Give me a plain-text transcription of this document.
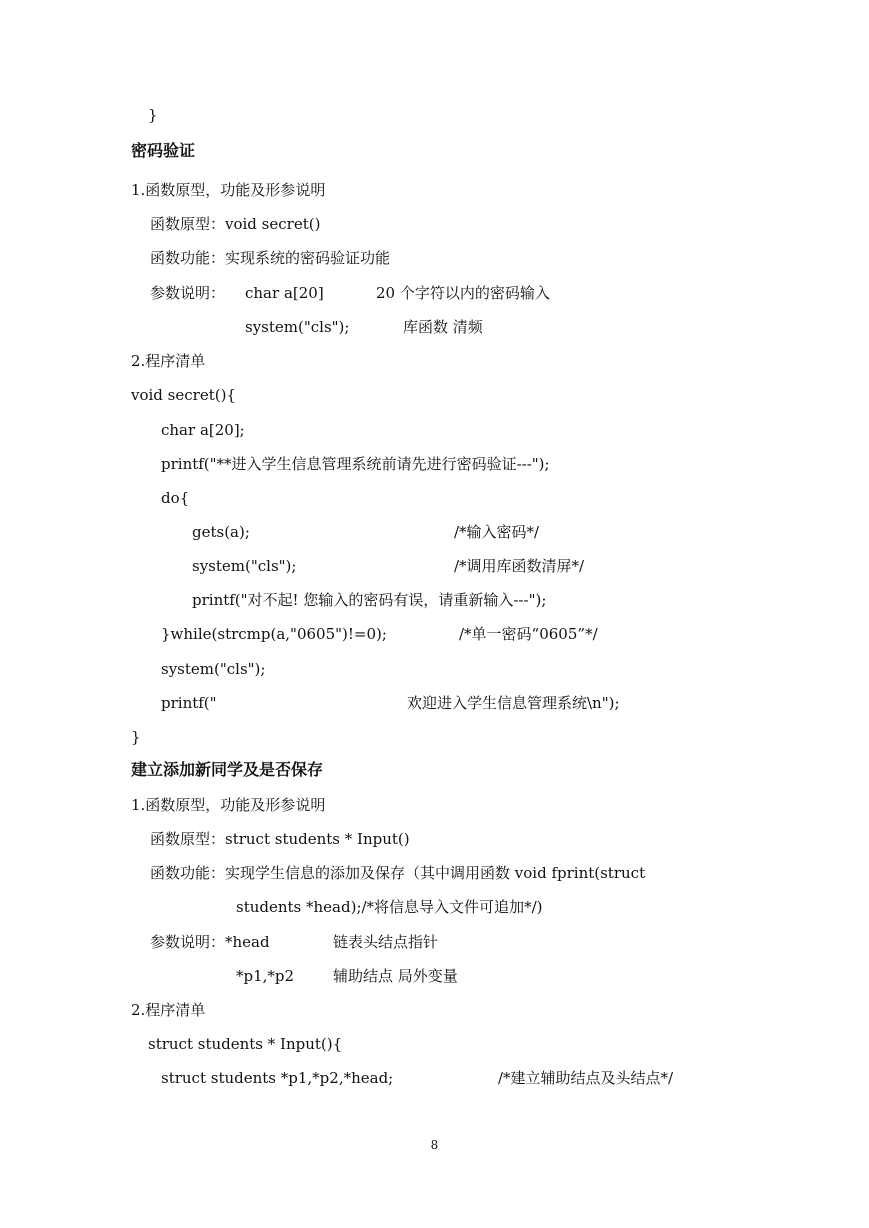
}
密码验证
1.函数原型，功能及形参说明
函数原型：void secret()
函数功能：实现系统的密码验证功能
参数说明： char a[20]	20 个字符以内的密码输入
system("cls");	库函数 清频
2.程序清单
void secret(){
char a[20];
printf("**进入学生信息管理系统前请先进行密码验证---");
do{
gets(a);	/*输入密码*/
system("cls");	/*调用库函数清屏*/
printf("对不起! 您输入的密码有误，请重新输入---");
}while(strcmp(a,"0605")!=0);	/*单一密码“0605”*/
system("cls");
printf("	欢迎进入学生信息管理系统\n");
}
建立添加新同学及是否保存
1.函数原型，功能及形参说明
函数原型：struct students * Input()
函数功能：实现学生信息的添加及保存（其中调用函数 void fprint(struct
students *head);/*将信息导入文件可追加*/)
参数说明：*head	链表头结点指针
*p1,*p2	辅助结点 局外变量
2.程序清单
struct students * Input(){
struct students *p1,*p2,*head;	/*建立辅助结点及头结点*/
8
